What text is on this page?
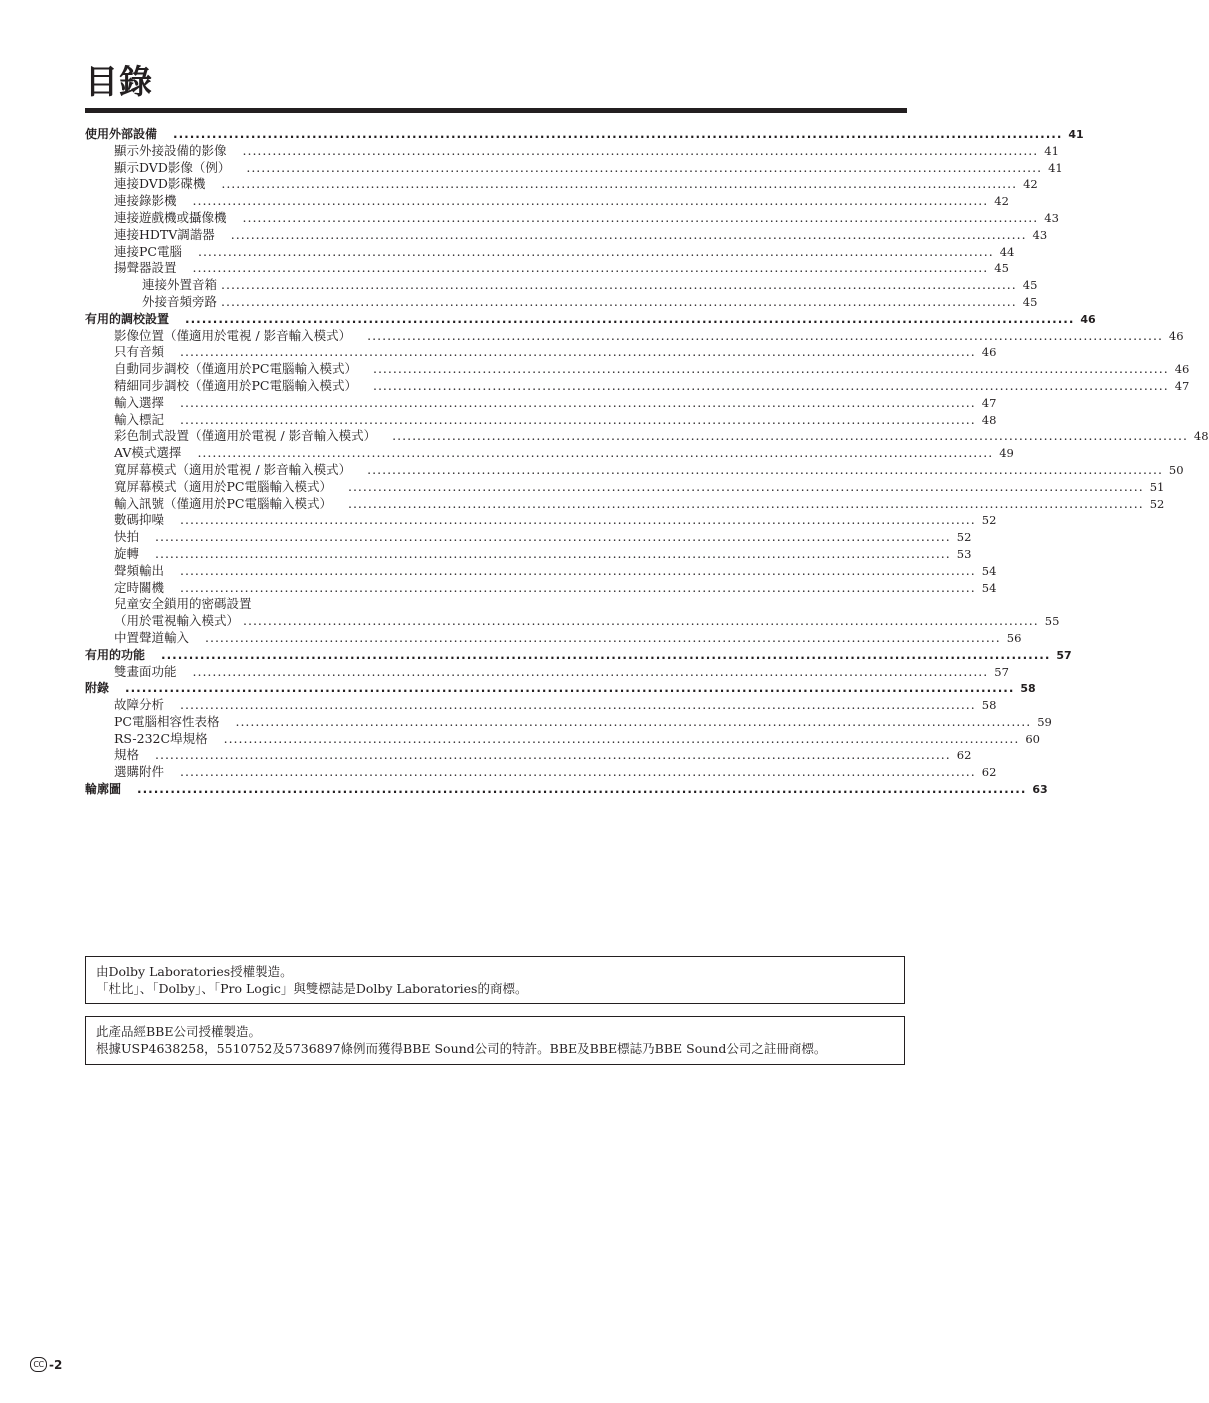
目錄
使用外部設備 ................................................................................................................................................................ 41
顯示外接設備的影像 ................................................................................................................................................................ 41
顯示DVD影像（例） ................................................................................................................................................................ 41
連接DVD影碟機 ................................................................................................................................................................ 42
連接錄影機 ................................................................................................................................................................ 42
連接遊戲機或攝像機 ................................................................................................................................................................ 43
連接HDTV調諧器 ................................................................................................................................................................ 43
連接PC電腦 ................................................................................................................................................................ 44
揚聲器設置 ................................................................................................................................................................ 45
連接外置音箱 ................................................................................................................................................................ 45
外接音頻旁路 ................................................................................................................................................................ 45
有用的調校設置 ................................................................................................................................................................ 46
影像位置（僅適用於電視 / 影音輸入模式） ................................................................................................................................................................ 46
只有音頻 ................................................................................................................................................................ 46
自動同步調校（僅適用於PC電腦輸入模式） ................................................................................................................................................................ 46
精細同步調校（僅適用於PC電腦輸入模式） ................................................................................................................................................................ 47
輸入選擇 ................................................................................................................................................................ 47
輸入標記 ................................................................................................................................................................ 48
彩色制式設置（僅適用於電視 / 影音輸入模式） ................................................................................................................................................................ 48
AV模式選擇 ................................................................................................................................................................ 49
寬屏幕模式（適用於電視 / 影音輸入模式） ................................................................................................................................................................ 50
寬屏幕模式（適用於PC電腦輸入模式） ................................................................................................................................................................ 51
輸入訊號（僅適用於PC電腦輸入模式） ................................................................................................................................................................ 52
數碼抑噪 ................................................................................................................................................................ 52
快拍 ................................................................................................................................................................ 52
旋轉 ................................................................................................................................................................ 53
聲頻輸出 ................................................................................................................................................................ 54
定時關機 ................................................................................................................................................................ 54
兒童安全鎖用的密碼設置
（用於電視輸入模式） ................................................................................................................................................................ 55
中置聲道輸入 ................................................................................................................................................................ 56
有用的功能 ................................................................................................................................................................ 57
雙畫面功能 ................................................................................................................................................................ 57
附錄 ................................................................................................................................................................ 58
故障分析 ................................................................................................................................................................ 58
PC電腦相容性表格 ................................................................................................................................................................ 59
RS-232C埠規格 ................................................................................................................................................................ 60
規格 ................................................................................................................................................................ 62
選購附件 ................................................................................................................................................................ 62
輪廓圖 ................................................................................................................................................................ 63

由Dolby Laboratories授權製造。

「杜比」、「Dolby」、「Pro Logic」與雙標誌是Dolby Laboratories的商標。

此產品經BBE公司授權製造。

根據USP4638258，5510752及5736897條例而獲得BBE Sound公司的特許。BBE及BBE標誌乃BBE Sound公司之註冊商標。

CC -2
